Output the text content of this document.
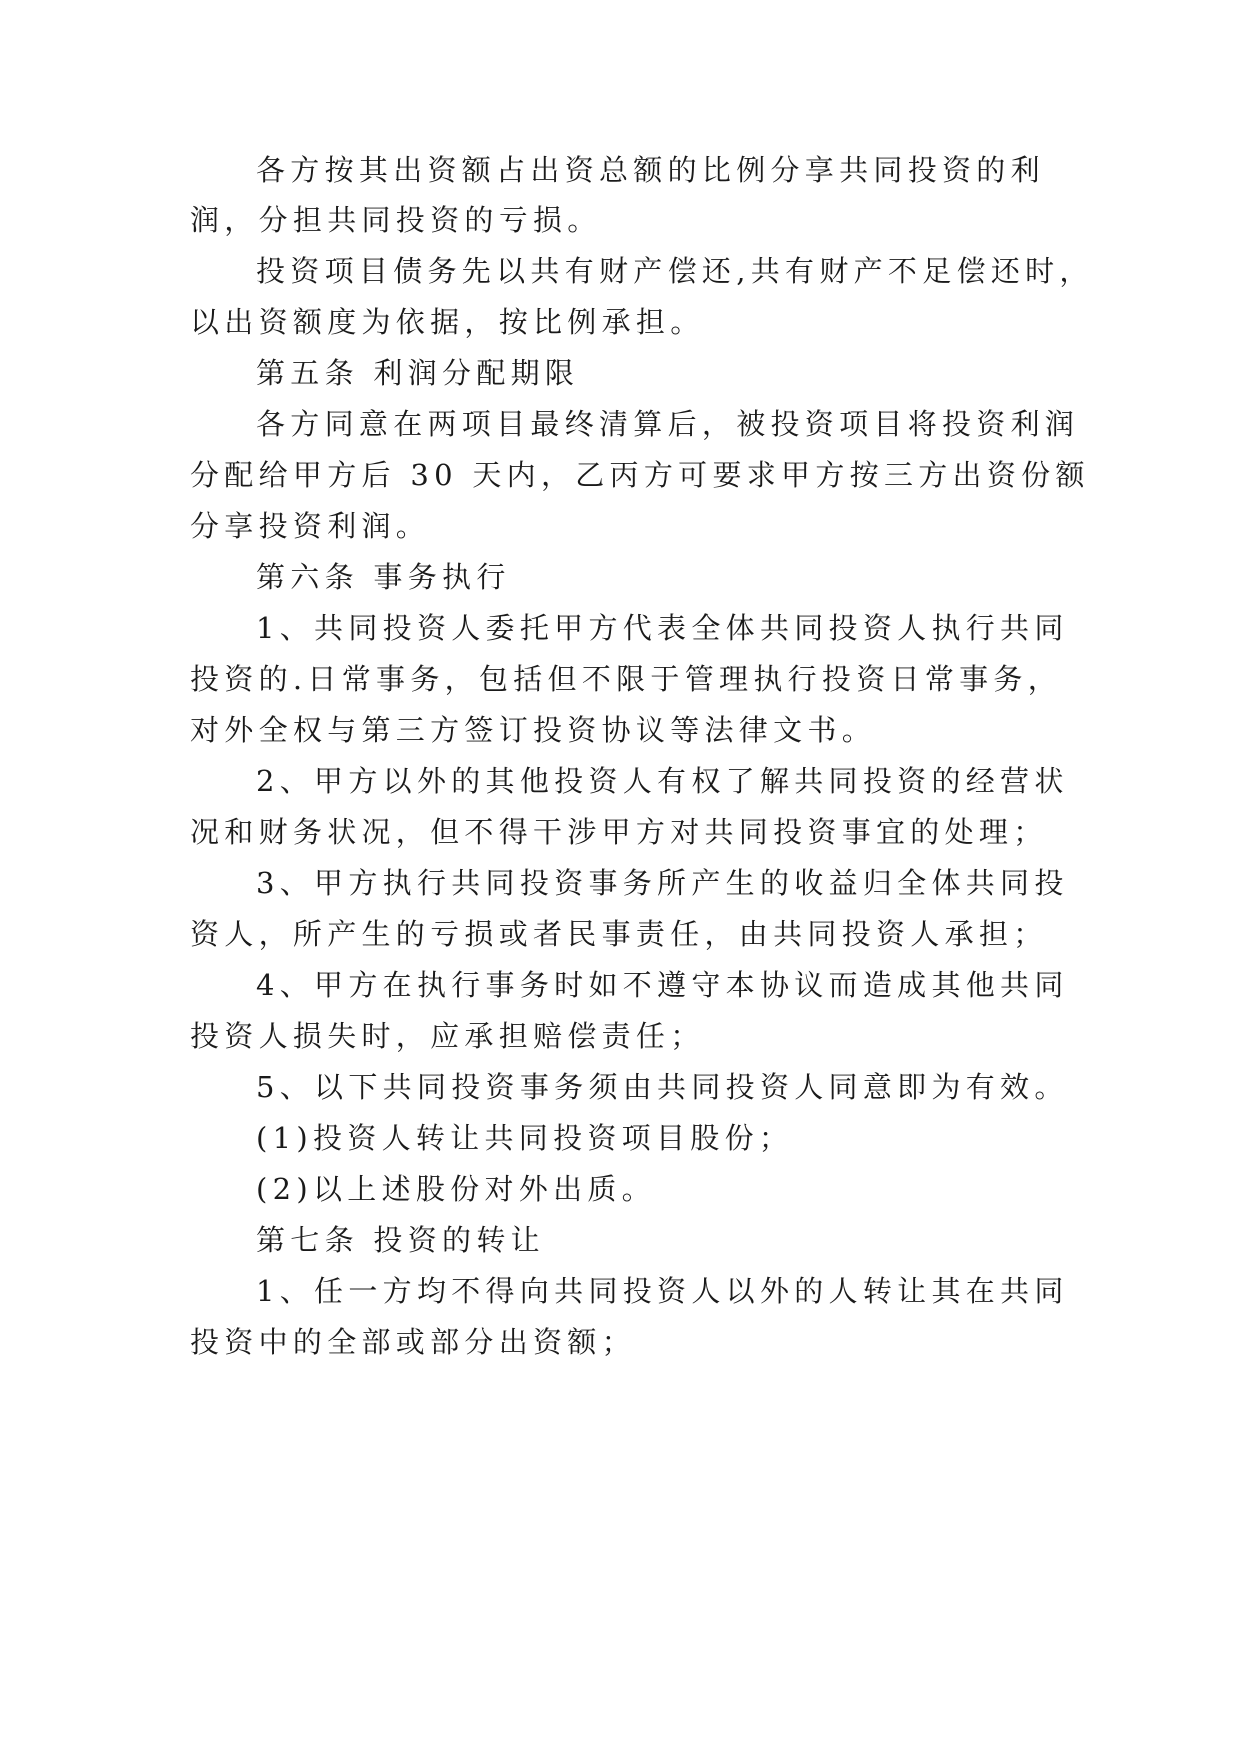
各方按其出资额占出资总额的比例分享共同投资的利
润，分担共同投资的亏损。
投资项目债务先以共有财产偿还,共有财产不足偿还时，
以出资额度为依据，按比例承担。
第五条 利润分配期限
各方同意在两项目最终清算后，被投资项目将投资利润
分配给甲方后 30 天内，乙丙方可要求甲方按三方出资份额
分享投资利润。
第六条 事务执行
1、共同投资人委托甲方代表全体共同投资人执行共同
投资的.日常事务，包括但不限于管理执行投资日常事务，
对外全权与第三方签订投资协议等法律文书。
2、甲方以外的其他投资人有权了解共同投资的经营状
况和财务状况，但不得干涉甲方对共同投资事宜的处理；
3、甲方执行共同投资事务所产生的收益归全体共同投
资人，所产生的亏损或者民事责任，由共同投资人承担；
4、甲方在执行事务时如不遵守本协议而造成其他共同
投资人损失时，应承担赔偿责任；
5、以下共同投资事务须由共同投资人同意即为有效。
(1)投资人转让共同投资项目股份；
(2)以上述股份对外出质。
第七条 投资的转让
1、任一方均不得向共同投资人以外的人转让其在共同
投资中的全部或部分出资额；
